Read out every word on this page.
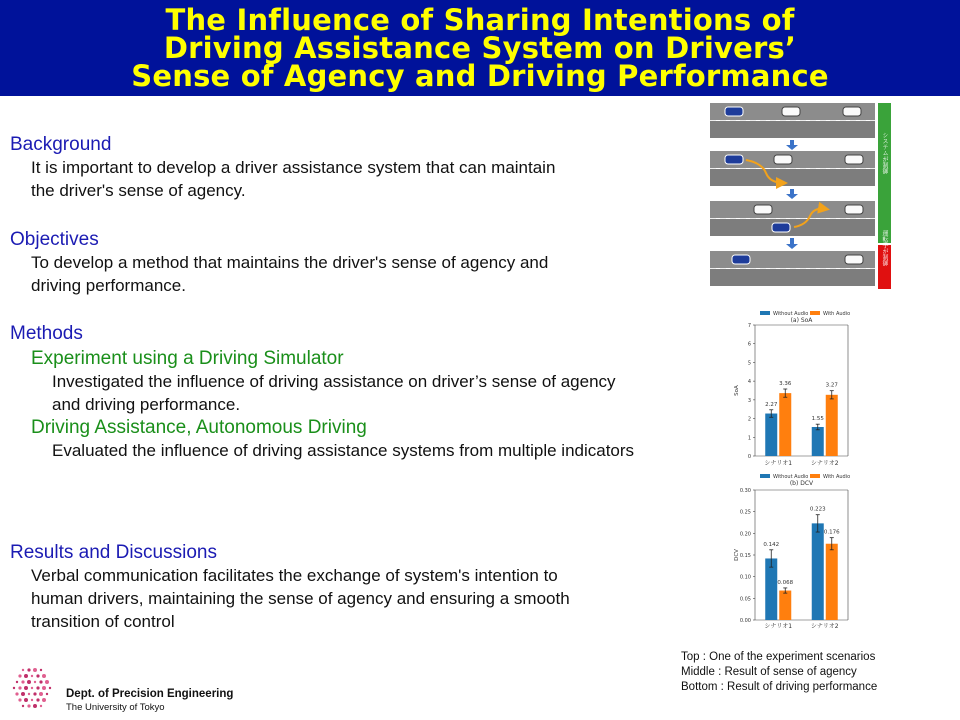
The Influence of Sharing Intentions of
Driving Assistance System on Drivers’
Sense of Agency and Driving Performance
Background
It is important to develop a driver assistance system that can maintain
the driver's sense of agency.
Objectives
To develop a method that maintains the driver's sense of agency and
driving performance.
Methods
Experiment using a Driving Simulator
Investigated the influence of driving assistance on driver’s sense of agency
and driving performance.
Driving Assistance, Autonomous Driving
Evaluated the influence of driving assistance systems from multiple indicators
Results and Discussions
Verbal communication facilitates the exchange of system's intention to
human drivers, maintaining the sense of agency and ensuring a smooth
transition of control
システムが制御
運転手が制御
Without Audio	With Audio
(a) SoA
0
1
2
3
4
5
6
7
SoA
2.27
3.36
シナリオ1
1.55
3.27
シナリオ2
Without Audio	With Audio
(b) DCV
0.00
0.05
0.10
0.15
0.20
0.25
0.30
DCV
0.142
0.068
シナリオ1
0.223
0.176
シナリオ2
Top : One of the experiment scenarios
Middle : Result of sense of agency
Bottom : Result of driving performance
Dept. of Precision Engineering
The University of Tokyo
